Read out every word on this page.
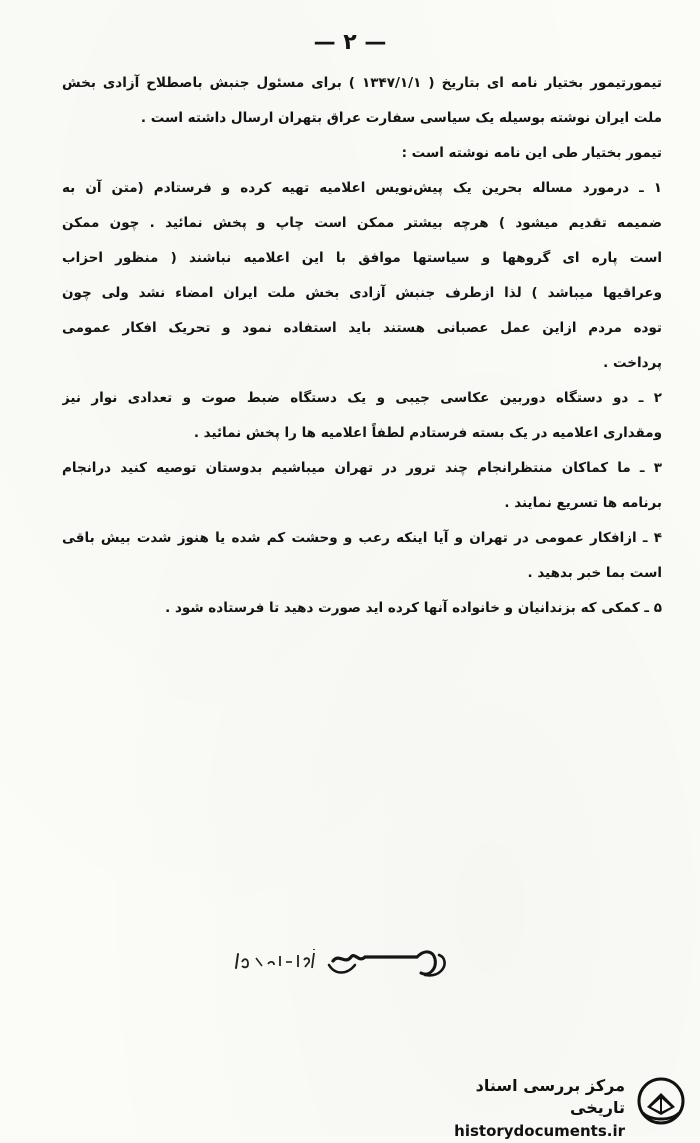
— ۲ —
تیمورتیمور بختیار نامه ای بتاریخ ( ۱۳۴۷/۱/۱ ) برای مسئول جنبش باصطلاح آزادی بخش
ملت ایران نوشته بوسیله یک سیاسی سفارت عراق بتهران ارسال داشته است .
تیمور بختیار طی این نامه نوشته است :
۱ ـ درمورد مساله بحرین یک پیش‌نویس اعلامیه تهیه کرده و فرستادم (متن آن به
ضمیمه تقدیم میشود ) هرچه بیشتر ممکن است چاپ و پخش نمائید . چون ممکن
است پاره ای گروهها و سیاستها موافق با این اعلامیه نباشند ( منظور احزاب
وعراقیها میباشد ) لذا ازطرف جنبش آزادی بخش ملت ایران امضاء نشد ولی چون
توده مردم ازاین عمل عصبانی هستند باید استفاده نمود و تحریک افکار عمومی
پرداخت .
۲ ـ دو دستگاه دوربین عکاسی جیبی و یک دستگاه ضبط صوت و تعدادی نوار نیز
ومقداری اعلامیه در یک بسته فرستادم لطفاً اعلامیه ها را پخش نمائید .
۳ ـ ما کماکان منتظرانجام چند ترور در تهران میباشیم بدوستان توصیه کنید درانجام
برنامه ها تسریع نمایند .
۴ ـ ازافکار عمومی در تهران و آیا اینکه رعب و وحشت کم شده یا هنوز شدت بیش باقی
است بما خبر بدهید .
۵ ـ کمکی که بزندانیان و خانواده آنها کرده اید صورت دهید تا فرستاده شود .
مرکز بررسی اسناد تاریخی
historydocuments.ir
